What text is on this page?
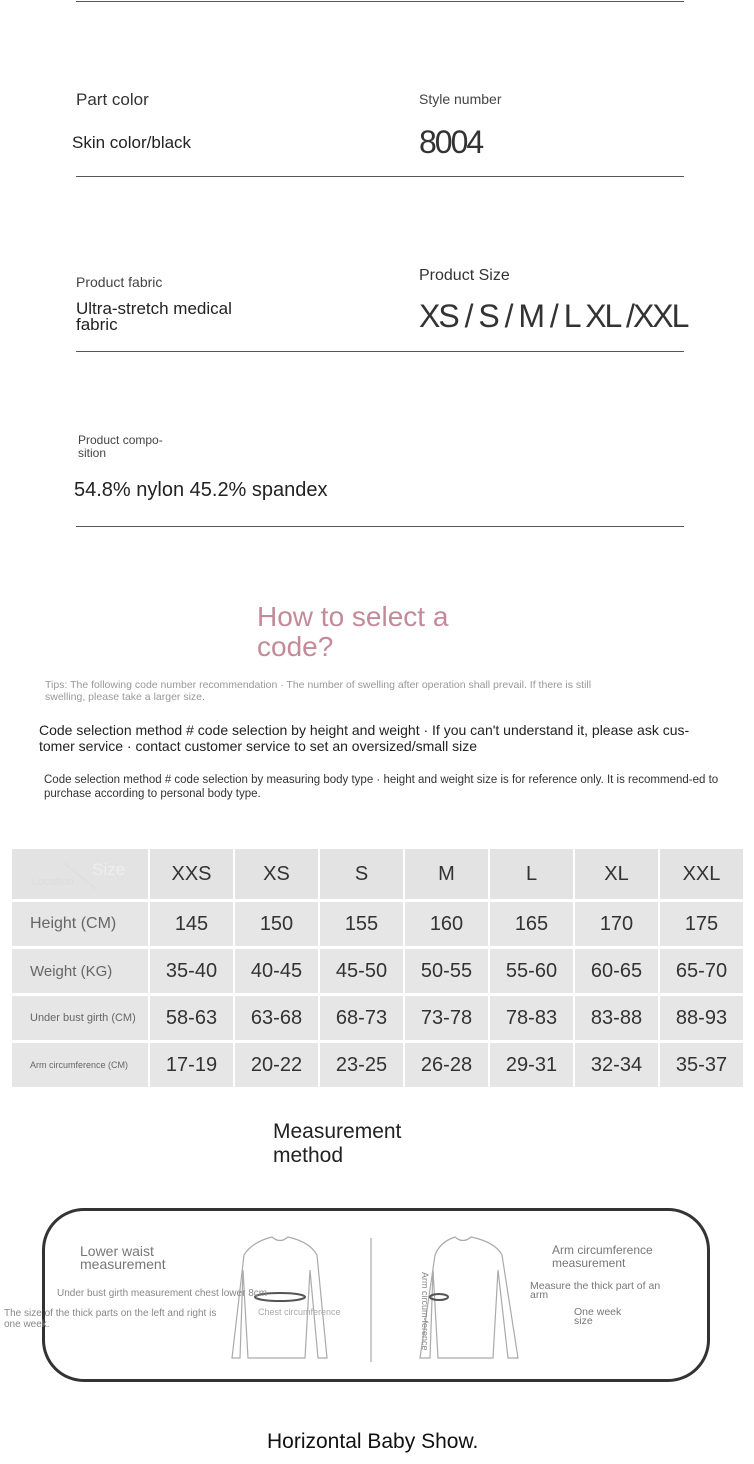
Part color
Skin color/black
Style number
8004
Product fabric
Ultra-stretch medical fabric
Product Size
XS / S / M / L XL /XXL
Product compo-sition
54.8% nylon 45.2% spandex
How to select a code?
Tips: The following code number recommendation · The number of swelling after operation shall prevail. If there is still swelling, please take a larger size.
Code selection method # code selection by height and weight · If you can't understand it, please ask cus-tomer service · contact customer service to set an oversized/small size
Code selection method # code selection by measuring body type · height and weight size is for reference only. It is recommend-ed to purchase according to personal body type.
Size
Location	XXS	XS	S	M	L	XL	XXL
Height (CM)	145	150	155	160	165	170	175
Weight (KG)	35-40	40-45	45-50	50-55	55-60	60-65	65-70
Under bust girth (CM)	58-63	63-68	68-73	73-78	78-83	83-88	88-93
Arm circumference (CM)	17-19	20-22	23-25	26-28	29-31	32-34	35-37
Measurement method
Lower waist measurement
Under bust girth measurement chest lower 8cm
The size of the thick parts on the left and right is one week.
Chest circumference	Arm circum-ference
Arm circumference measurement
Measure the thick part of an arm
One week size
Horizontal Baby Show.
